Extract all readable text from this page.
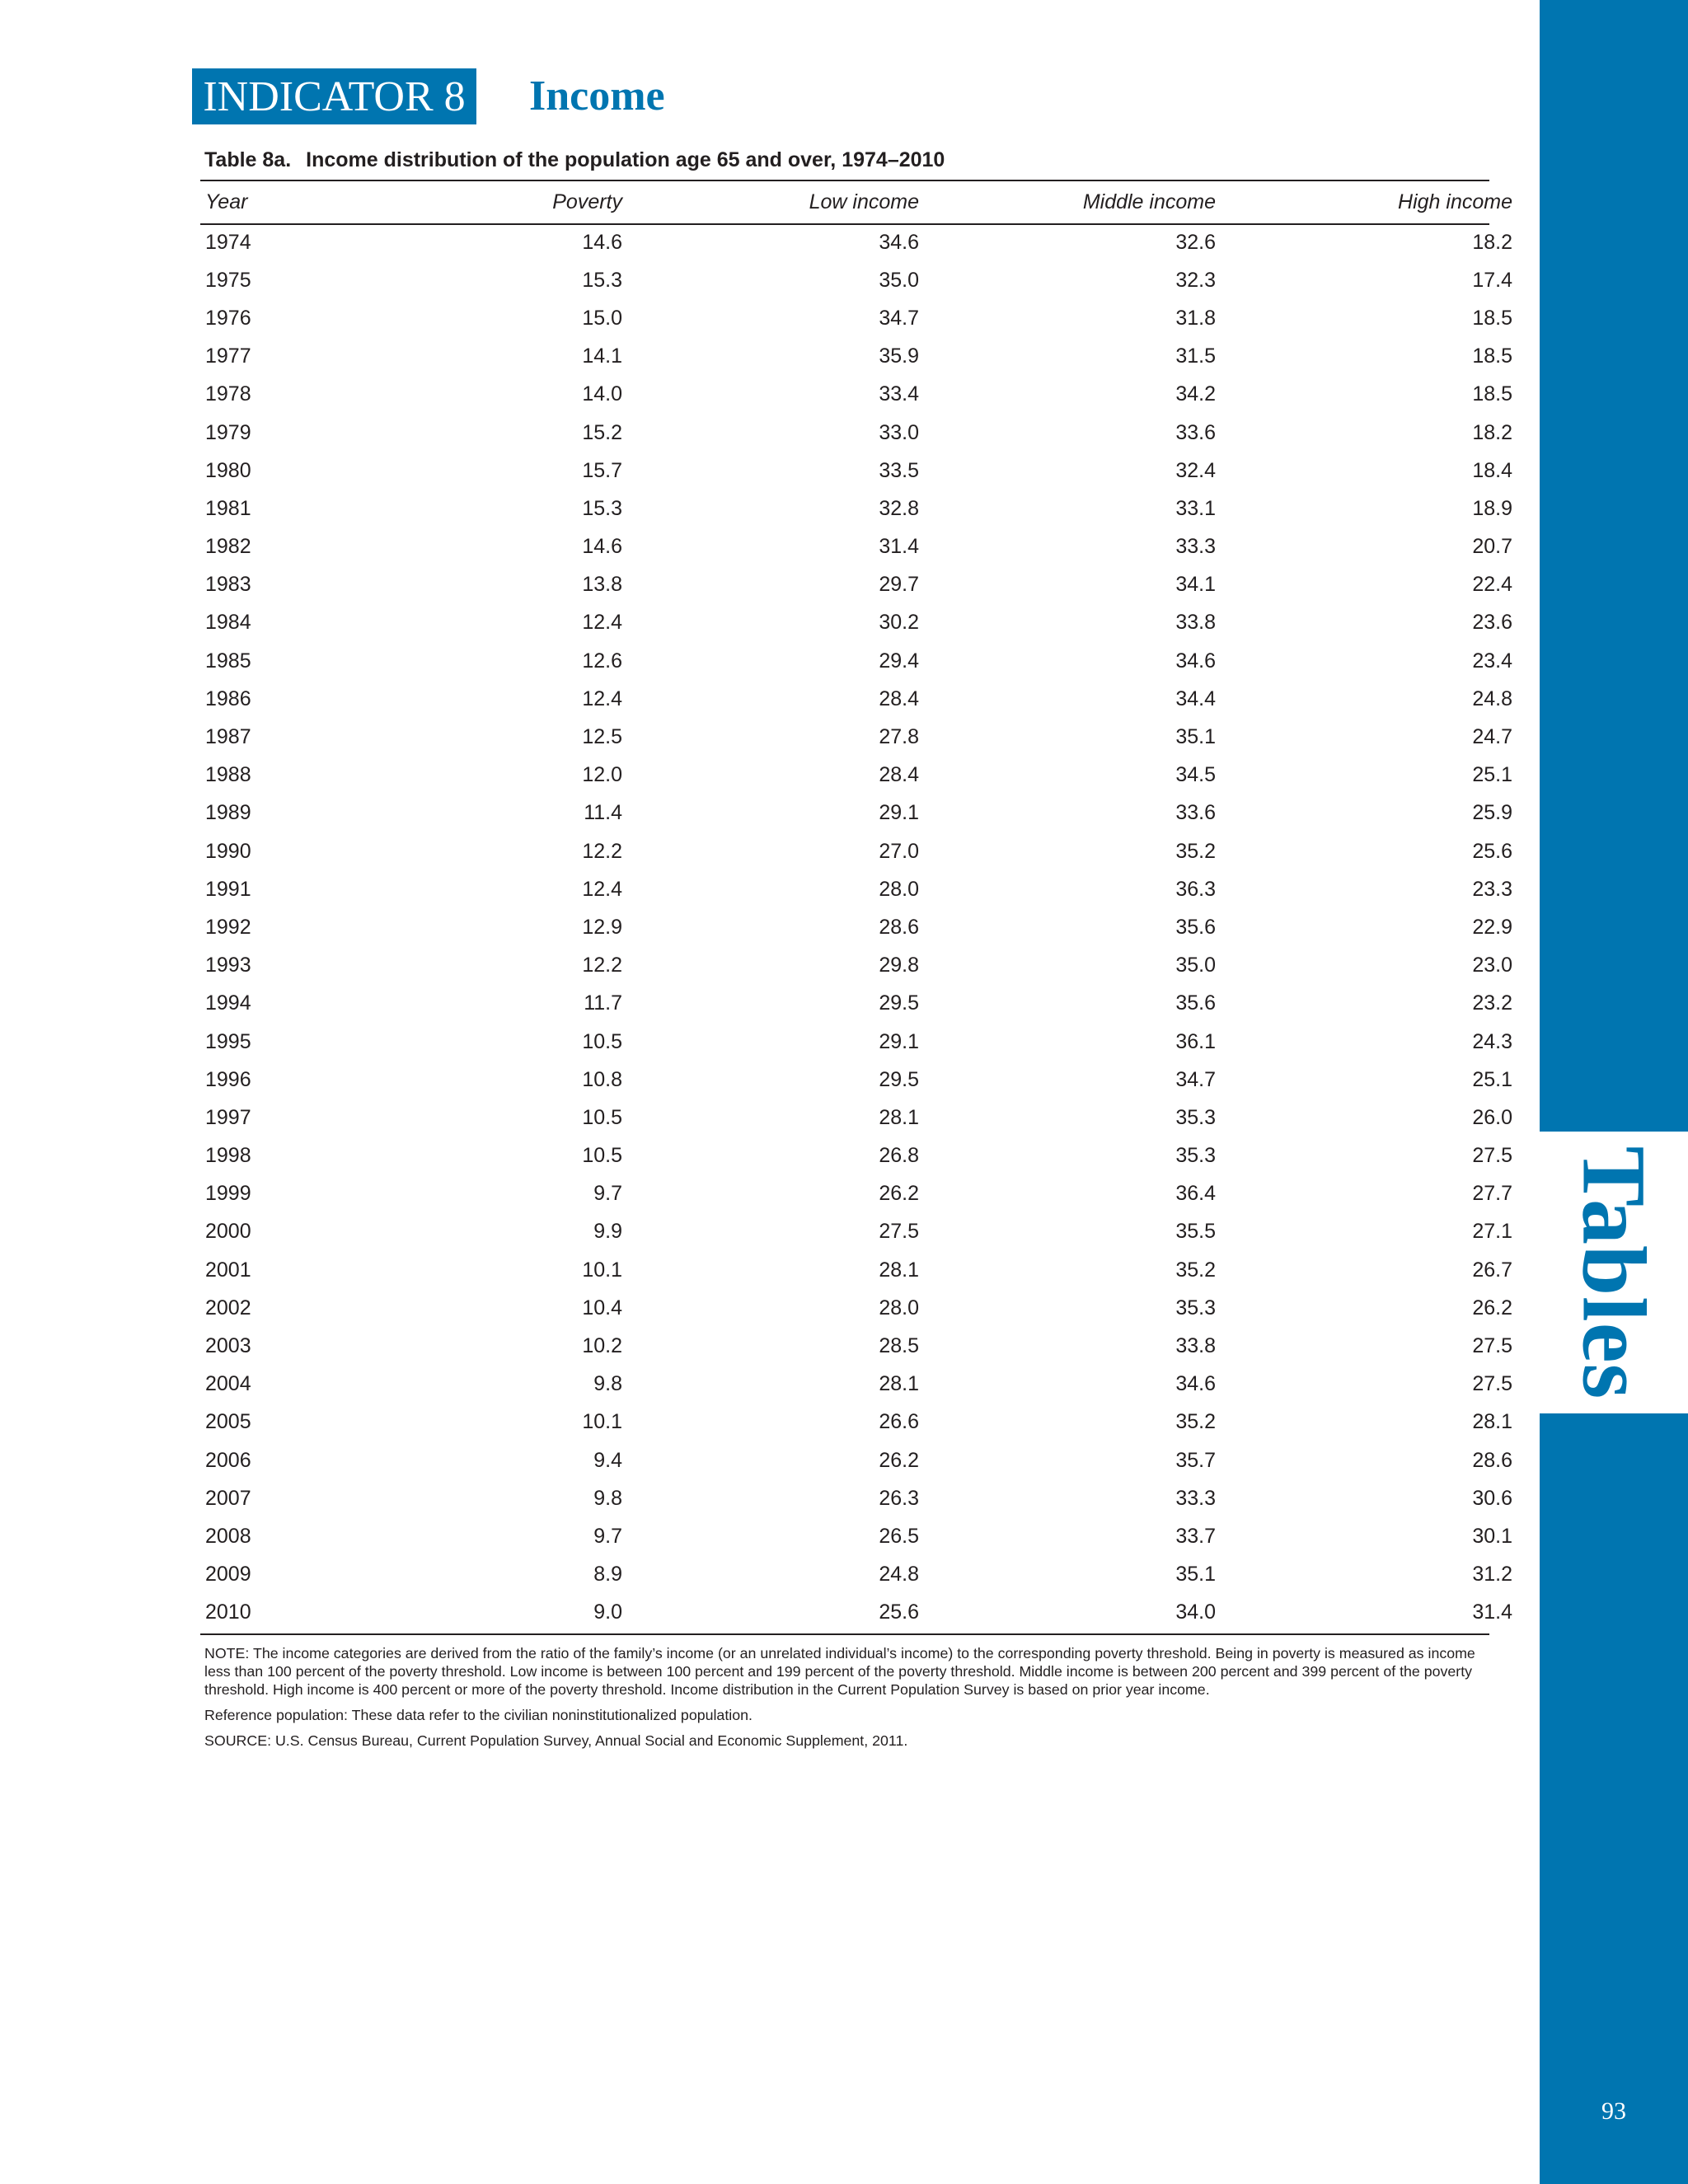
Tables
93
INDICATOR 8 Income
Table 8a. Income distribution of the population age 65 and over, 1974–2010
Year	Poverty	Low income	Middle income	High income
1974	14.6	34.6	32.6	18.2
1975	15.3	35.0	32.3	17.4
1976	15.0	34.7	31.8	18.5
1977	14.1	35.9	31.5	18.5
1978	14.0	33.4	34.2	18.5
1979	15.2	33.0	33.6	18.2
1980	15.7	33.5	32.4	18.4
1981	15.3	32.8	33.1	18.9
1982	14.6	31.4	33.3	20.7
1983	13.8	29.7	34.1	22.4
1984	12.4	30.2	33.8	23.6
1985	12.6	29.4	34.6	23.4
1986	12.4	28.4	34.4	24.8
1987	12.5	27.8	35.1	24.7
1988	12.0	28.4	34.5	25.1
1989	11.4	29.1	33.6	25.9
1990	12.2	27.0	35.2	25.6
1991	12.4	28.0	36.3	23.3
1992	12.9	28.6	35.6	22.9
1993	12.2	29.8	35.0	23.0
1994	11.7	29.5	35.6	23.2
1995	10.5	29.1	36.1	24.3
1996	10.8	29.5	34.7	25.1
1997	10.5	28.1	35.3	26.0
1998	10.5	26.8	35.3	27.5
1999	9.7	26.2	36.4	27.7
2000	9.9	27.5	35.5	27.1
2001	10.1	28.1	35.2	26.7
2002	10.4	28.0	35.3	26.2
2003	10.2	28.5	33.8	27.5
2004	9.8	28.1	34.6	27.5
2005	10.1	26.6	35.2	28.1
2006	9.4	26.2	35.7	28.6
2007	9.8	26.3	33.3	30.6
2008	9.7	26.5	33.7	30.1
2009	8.9	24.8	35.1	31.2
2010	9.0	25.6	34.0	31.4

NOTE: The income categories are derived from the ratio of the family’s income (or an unrelated individual’s income) to the corresponding poverty threshold. Being in poverty is measured as income less than 100 percent of the poverty threshold. Low income is between 100 percent and 199 percent of the poverty threshold. Middle income is between 200 percent and 399 percent of the poverty threshold. High income is 400 percent or more of the poverty threshold. Income distribution in the Current Population Survey is based on prior year income.

Reference population: These data refer to the civilian noninstitutionalized population.

SOURCE: U.S. Census Bureau, Current Population Survey, Annual Social and Economic Supplement, 2011.
